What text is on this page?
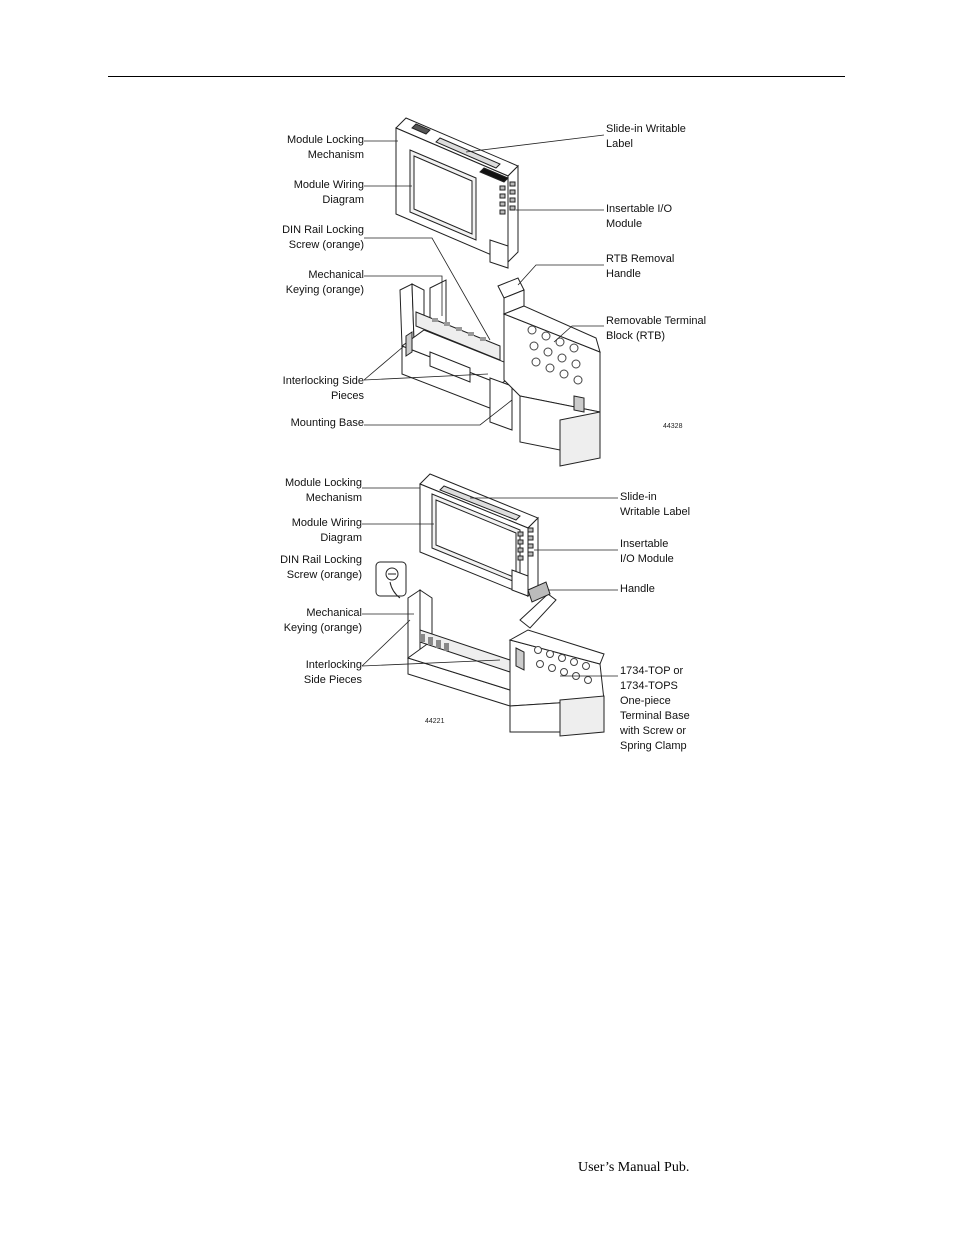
Module Locking
Mechanism
Module Wiring
Diagram
DIN Rail Locking
Screw (orange)
Mechanical
Keying (orange)
Interlocking Side
Pieces
Mounting Base
Slide-in Writable
Label
Insertable I/O
Module
RTB Removal
Handle
Removable Terminal
Block (RTB)
44328
Module Locking
Mechanism
Module Wiring
Diagram
DIN Rail Locking
Screw (orange)
Mechanical
Keying (orange)
Interlocking
Side Pieces
Slide-in
Writable Label
Insertable
I/O Module
Handle
1734-TOP or
1734-TOPS
One-piece
Terminal Base
with Screw or
Spring Clamp
44221
User’s Manual Pub.
